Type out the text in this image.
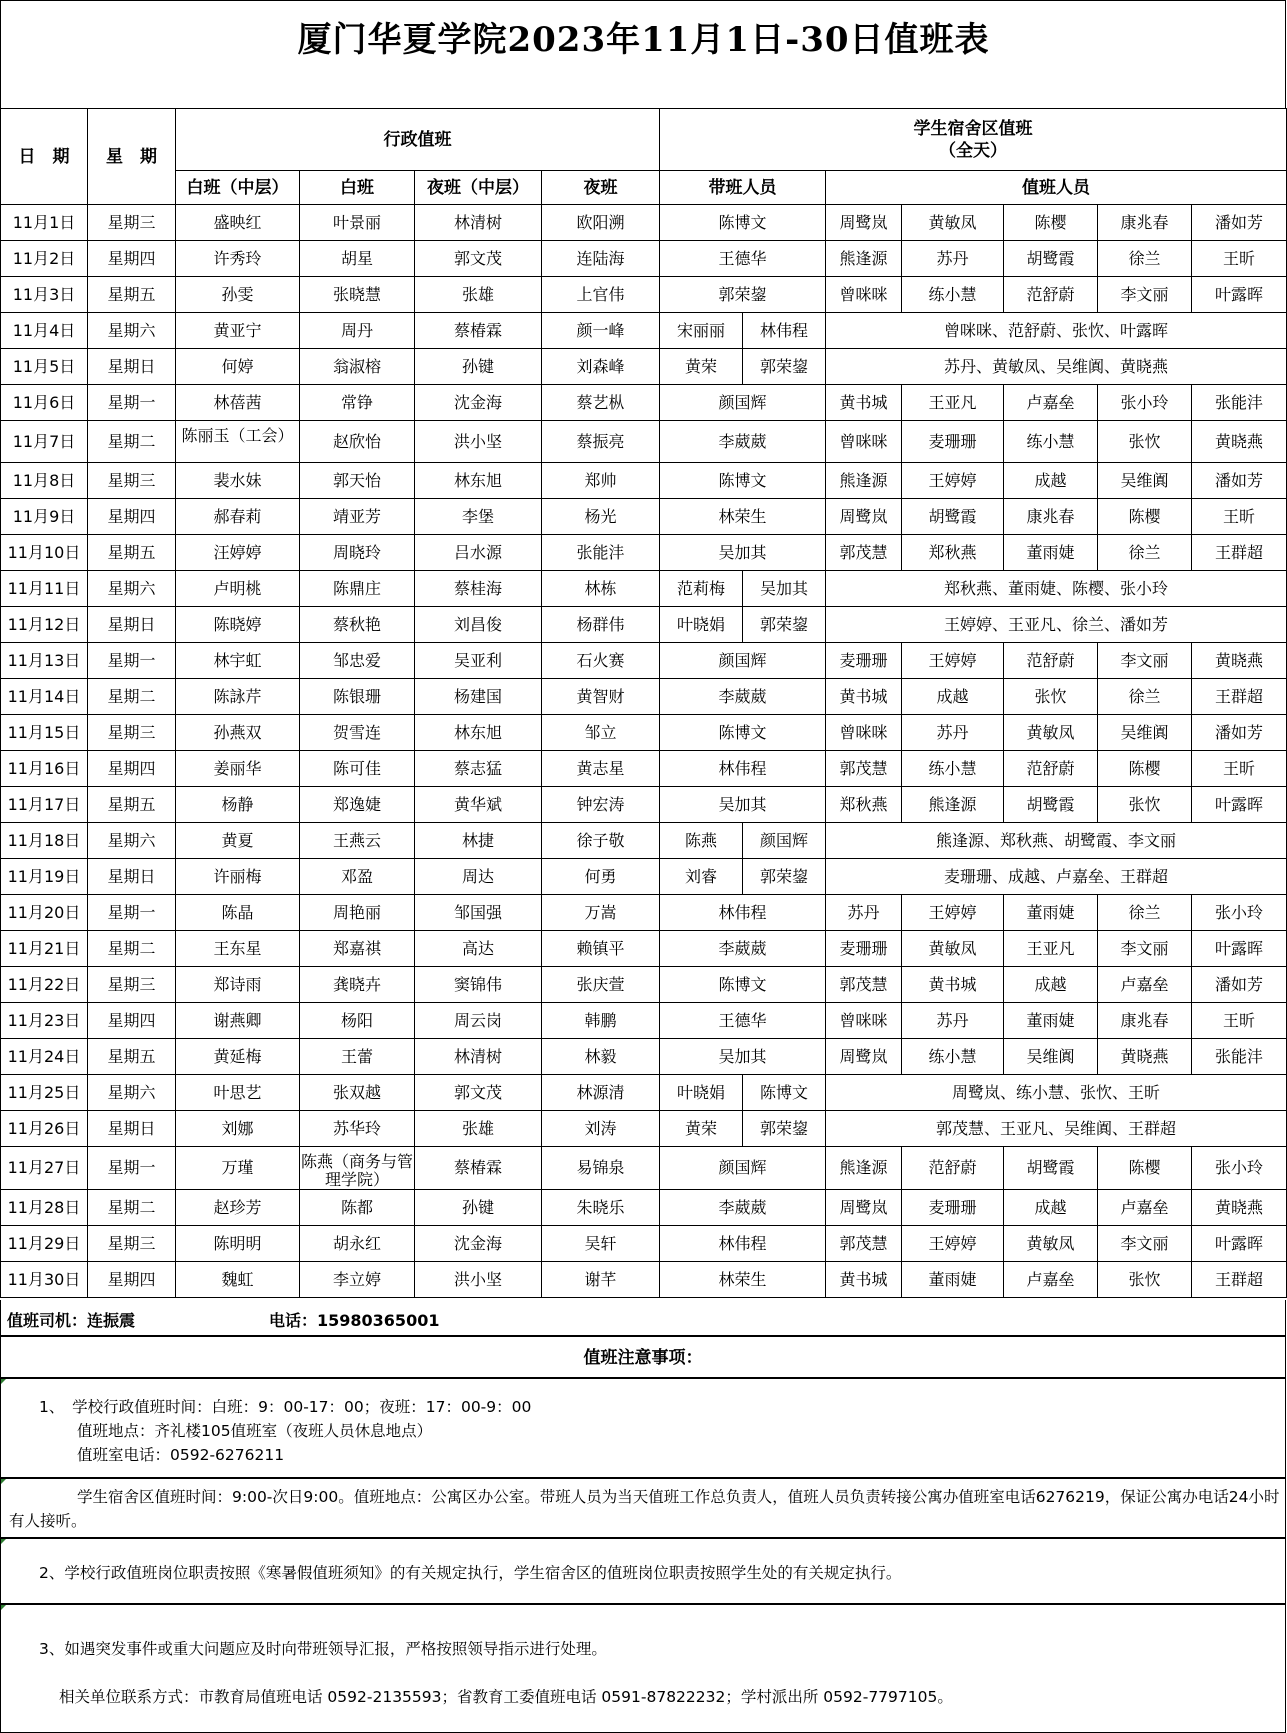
厦门华夏学院2023年11月1日-30日值班表
日　期	星　期	行政值班				学生宿舍区值班
（全天）						

		白班（中层）	白班	夜班（中层）	夜班	带班人员		值班人员				
11月1日	星期三	盛映红	叶景丽	林清树	欧阳溯	陈博文		周鹭岚	黄敏凤	陈樱	康兆春	潘如芳
11月2日	星期四	许秀玲	胡星	郭文茂	连陆海	王德华		熊逢源	苏丹	胡鹭霞	徐兰	王昕
11月3日	星期五	孙雯	张晓慧	张雄	上官伟	郭荣鋆		曾咪咪	练小慧	范舒蔚	李文丽	叶露晖
11月4日	星期六	黄亚宁	周丹	蔡椿霖	颜一峰	宋丽丽	林伟程	曾咪咪、范舒蔚、张忺、叶露晖				
11月5日	星期日	何婷	翁淑榕	孙键	刘森峰	黄荣	郭荣鋆	苏丹、黄敏凤、吴维阗、黄晓燕				
11月6日	星期一	林蓓茜	常铮	沈金海	蔡艺枞	颜国辉		黄书城	王亚凡	卢嘉垒	张小玲	张能沣
11月7日	星期二	陈丽玉（工会）	赵欣怡	洪小坚	蔡振亮	李葳葳		曾咪咪	麦珊珊	练小慧	张忺	黄晓燕
11月8日	星期三	裴水妹	郭天怡	林东旭	郑帅	陈博文		熊逢源	王婷婷	成越	吴维阗	潘如芳
11月9日	星期四	郝春莉	靖亚芳	李堡	杨光	林荣生		周鹭岚	胡鹭霞	康兆春	陈樱	王昕
11月10日	星期五	汪婷婷	周晓玲	吕水源	张能沣	吴加其		郭茂慧	郑秋燕	董雨婕	徐兰	王群超
11月11日	星期六	卢明桃	陈鼎庄	蔡桂海	林栋	范莉梅	吴加其	郑秋燕、董雨婕、陈樱、张小玲				
11月12日	星期日	陈晓婷	蔡秋艳	刘昌俊	杨群伟	叶晓娟	郭荣鋆	王婷婷、王亚凡、徐兰、潘如芳				
11月13日	星期一	林宇虹	邹忠爱	吴亚利	石火赛	颜国辉		麦珊珊	王婷婷	范舒蔚	李文丽	黄晓燕
11月14日	星期二	陈詠芹	陈银珊	杨建国	黄智财	李葳葳		黄书城	成越	张忺	徐兰	王群超
11月15日	星期三	孙燕双	贺雪连	林东旭	邹立	陈博文		曾咪咪	苏丹	黄敏凤	吴维阗	潘如芳
11月16日	星期四	姜丽华	陈可佳	蔡志猛	黄志星	林伟程		郭茂慧	练小慧	范舒蔚	陈樱	王昕
11月17日	星期五	杨静	郑逸婕	黄华斌	钟宏涛	吴加其		郑秋燕	熊逢源	胡鹭霞	张忺	叶露晖
11月18日	星期六	黄夏	王燕云	林捷	徐子敬	陈燕	颜国辉	熊逢源、郑秋燕、胡鹭霞、李文丽				
11月19日	星期日	许丽梅	邓盈	周达	何勇	刘睿	郭荣鋆	麦珊珊、成越、卢嘉垒、王群超				
11月20日	星期一	陈晶	周艳丽	邹国强	万嵩	林伟程		苏丹	王婷婷	董雨婕	徐兰	张小玲
11月21日	星期二	王东星	郑嘉祺	高达	赖镇平	李葳葳		麦珊珊	黄敏凤	王亚凡	李文丽	叶露晖
11月22日	星期三	郑诗雨	龚晓卉	窦锦伟	张庆萱	陈博文		郭茂慧	黄书城	成越	卢嘉垒	潘如芳
11月23日	星期四	谢燕卿	杨阳	周云岗	韩鹏	王德华		曾咪咪	苏丹	董雨婕	康兆春	王昕
11月24日	星期五	黄延梅	王蕾	林清树	林毅	吴加其		周鹭岚	练小慧	吴维阗	黄晓燕	张能沣
11月25日	星期六	叶思艺	张双越	郭文茂	林源清	叶晓娟	陈博文	周鹭岚、练小慧、张忺、王昕				
11月26日	星期日	刘娜	苏华玲	张雄	刘涛	黄荣	郭荣鋆	郭茂慧、王亚凡、吴维阗、王群超				
11月27日	星期一	万瑾	陈燕（商务与管理学院）	蔡椿霖	易锦泉	颜国辉		熊逢源	范舒蔚	胡鹭霞	陈樱	张小玲
11月28日	星期二	赵珍芳	陈都	孙键	朱晓乐	李葳葳		周鹭岚	麦珊珊	成越	卢嘉垒	黄晓燕
11月29日	星期三	陈明明	胡永红	沈金海	吴轩	林伟程		郭茂慧	王婷婷	黄敏凤	李文丽	叶露晖
11月30日	星期四	魏虹	李立婷	洪小坚	谢芊	林荣生		黄书城	董雨婕	卢嘉垒	张忺	王群超
值班司机：连振震	电话：15980365001
值班注意事项：
1、　学校行政值班时间：白班：9：00-17：00；夜班：17：00-9：00
值班地点：齐礼楼105值班室（夜班人员休息地点）
值班室电话：0592-6276211
学生宿舍区值班时间：9:00-次日9:00。值班地点：公寓区办公室。带班人员为当天值班工作总负责人，值班人员负责转接公寓办值班室电话6276219，保证公寓办电话24小时有人接听。
2、学校行政值班岗位职责按照《寒暑假值班须知》的有关规定执行，学生宿舍区的值班岗位职责按照学生处的有关规定执行。
3、如遇突发事件或重大问题应及时向带班领导汇报，严格按照领导指示进行处理。
相关单位联系方式：市教育局值班电话 0592-2135593；省教育工委值班电话 0591-87822232；学村派出所 0592-7797105。
